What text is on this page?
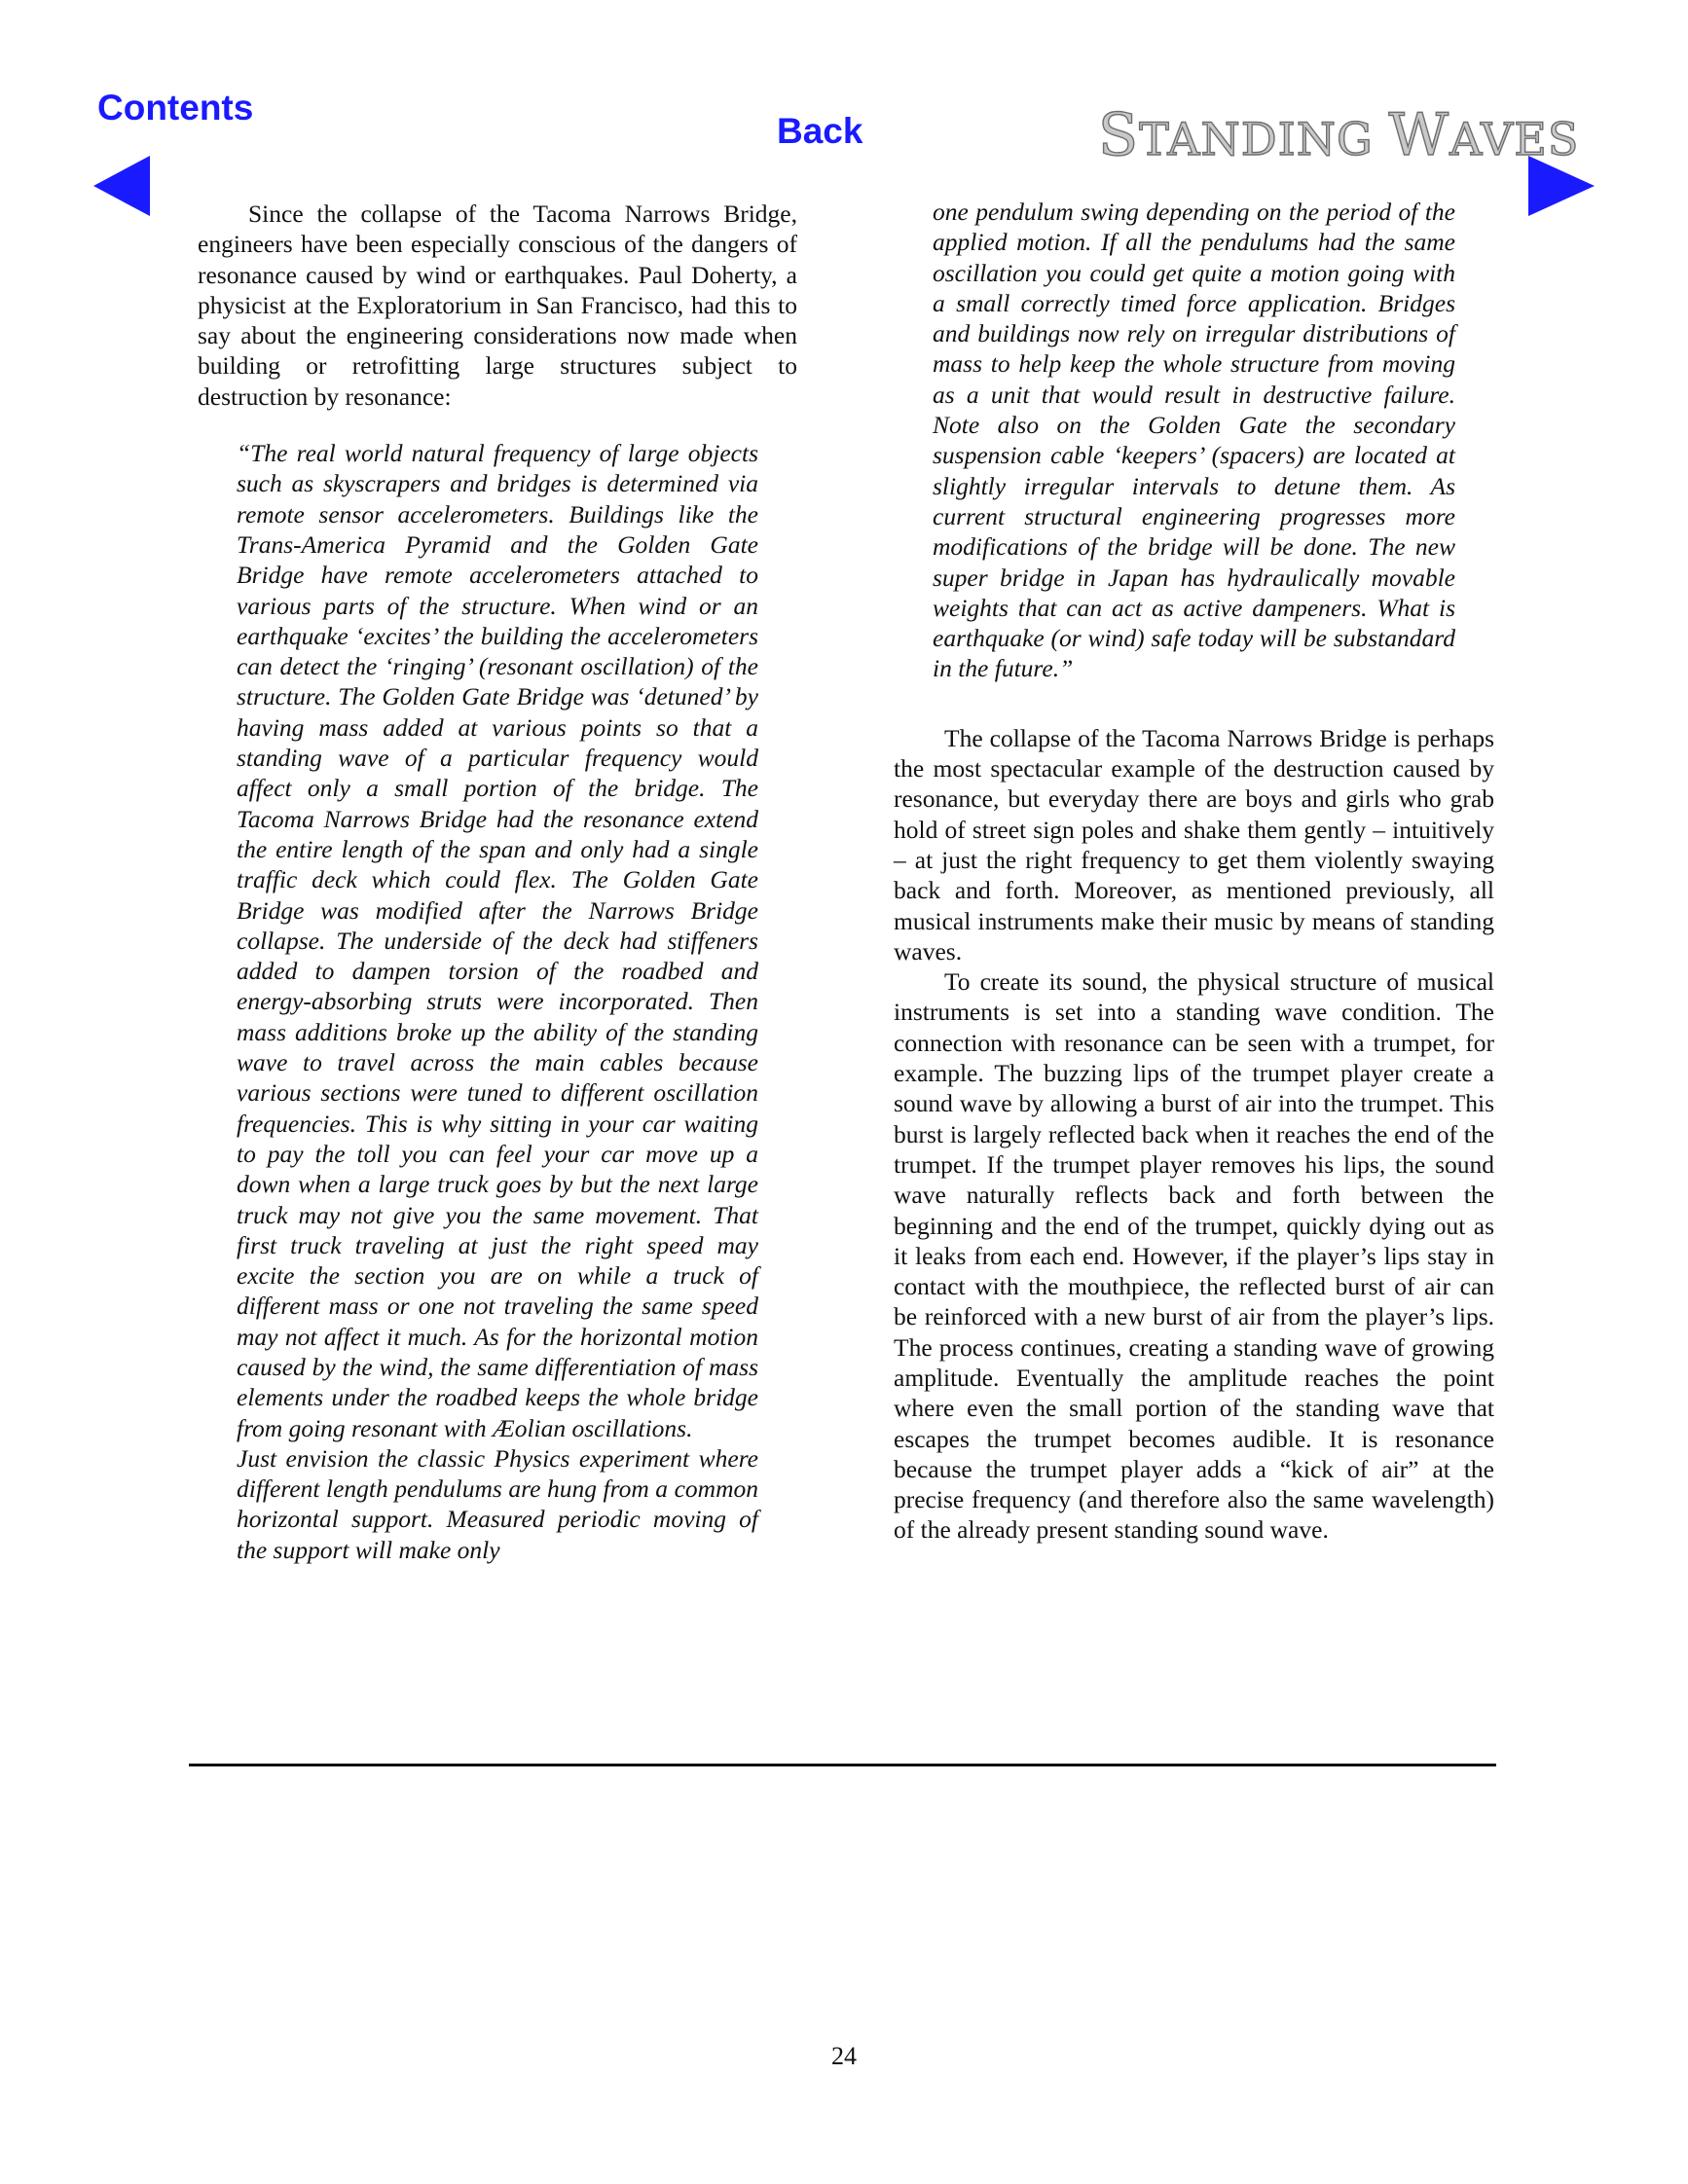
Contents
Back	STANDING WAVES

Since the collapse of the Tacoma Narrows Bridge, engineers have been especially conscious of the dangers of resonance caused by wind or earthquakes. Paul Doherty, a physicist at the Exploratorium in San Francisco, had this to say about the engineering considerations now made when building or retrofitting large structures subject to destruction by resonance:

“The real world natural frequency of large objects such as skyscrapers and bridges is determined via remote sensor accelerometers. Buildings like the Trans-America Pyramid and the Golden Gate Bridge have remote accelerometers attached to various parts of the structure. When wind or an earthquake ‘excites’ the building the accelerometers can detect the ‘ringing’ (resonant oscillation) of the structure. The Golden Gate Bridge was ‘detuned’ by having mass added at various points so that a standing wave of a particular frequency would affect only a small portion of the bridge. The Tacoma Narrows Bridge had the resonance extend the entire length of the span and only had a single traffic deck which could flex. The Golden Gate Bridge was modified after the Narrows Bridge collapse. The underside of the deck had stiffeners added to dampen torsion of the roadbed and energy-absorbing struts were incorporated. Then mass additions broke up the ability of the standing wave to travel across the main cables because various sections were tuned to different oscillation frequencies. This is why sitting in your car waiting to pay the toll you can feel your car move up a down when a large truck goes by but the next large truck may not give you the same movement. That first truck traveling at just the right speed may excite the section you are on while a truck of different mass or one not traveling the same speed may not affect it much. As for the horizontal motion caused by the wind, the same differentiation of mass elements under the roadbed keeps the whole bridge from going resonant with Æolian oscillations.

Just envision the classic Physics experiment where different length pendulums are hung from a common horizontal support. Measured periodic moving of the support will make only

one pendulum swing depending on the period of the applied motion. If all the pendulums had the same oscillation you could get quite a motion going with a small correctly timed force application. Bridges and buildings now rely on irregular distributions of mass to help keep the whole structure from moving as a unit that would result in destructive failure. Note also on the Golden Gate the secondary suspension cable ‘keepers’ (spacers) are located at slightly irregular intervals to detune them. As current structural engineering progresses more modifications of the bridge will be done. The new super bridge in Japan has hydraulically movable weights that can act as active dampeners. What is earthquake (or wind) safe today will be substandard in the future.”

The collapse of the Tacoma Narrows Bridge is perhaps the most spectacular example of the destruction caused by resonance, but everyday there are boys and girls who grab hold of street sign poles and shake them gently – intuitively – at just the right frequency to get them violently swaying back and forth. Moreover, as mentioned previously, all musical instruments make their music by means of standing waves.

To create its sound, the physical structure of musical instruments is set into a standing wave condition. The connection with resonance can be seen with a trumpet, for example. The buzzing lips of the trumpet player create a sound wave by allowing a burst of air into the trumpet. This burst is largely reflected back when it reaches the end of the trumpet. If the trumpet player removes his lips, the sound wave naturally reflects back and forth between the beginning and the end of the trumpet, quickly dying out as it leaks from each end. However, if the player’s lips stay in contact with the mouthpiece, the reflected burst of air can be reinforced with a new burst of air from the player’s lips. The process continues, creating a standing wave of growing amplitude. Eventually the amplitude reaches the point where even the small portion of the standing wave that escapes the trumpet becomes audible. It is resonance because the trumpet player adds a “kick of air” at the precise frequency (and therefore also the same wavelength) of the already present standing sound wave.

24
